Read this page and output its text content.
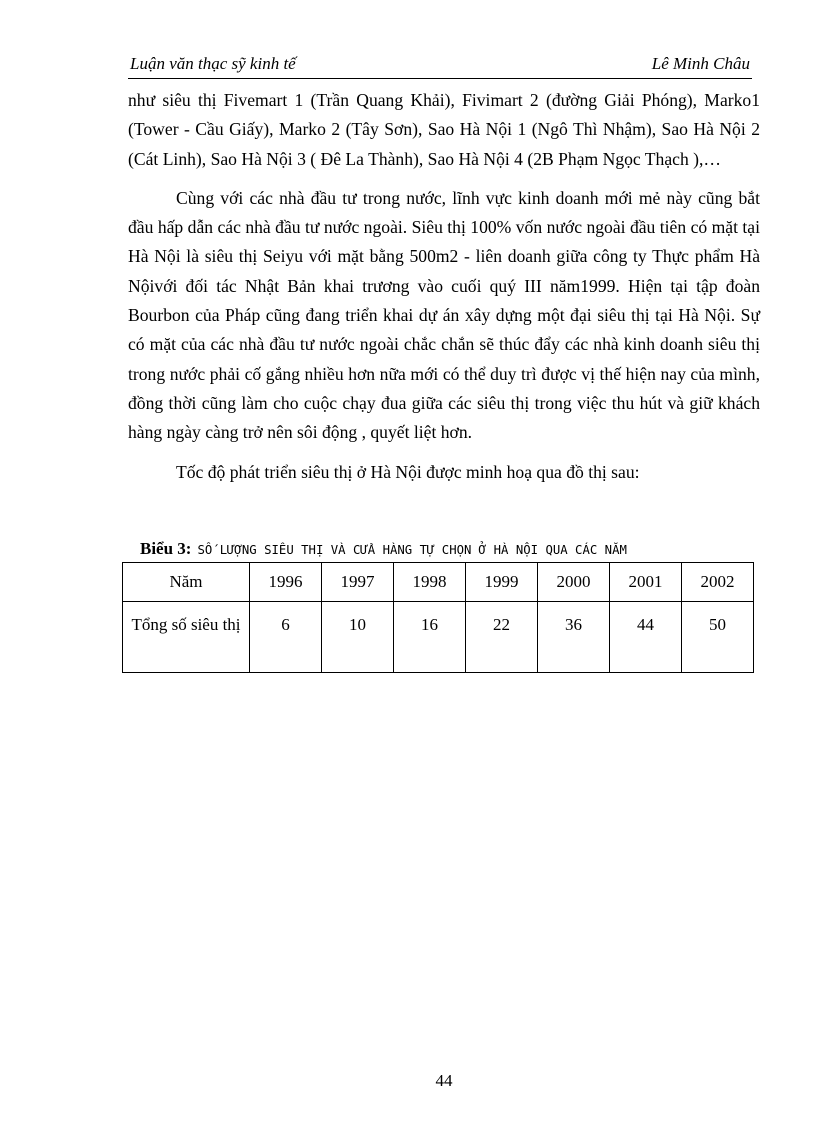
Luận văn thạc sỹ kinh tế	Lê Minh Châu

như siêu thị Fivemart 1 (Trần Quang Khải), Fivimart 2 (đường Giải Phóng), Marko1 (Tower - Cầu Giấy), Marko 2 (Tây Sơn), Sao Hà Nội 1 (Ngô Thì Nhậm), Sao Hà Nội 2 (Cát Linh), Sao Hà Nội 3 ( Đê La Thành), Sao Hà Nội 4 (2B Phạm Ngọc Thạch ),…

Cùng với các nhà đầu tư trong nước, lĩnh vực kinh doanh mới mẻ này cũng bắt đầu hấp dẫn các nhà đầu tư nước ngoài. Siêu thị 100% vốn nước ngoài đầu tiên có mặt tại Hà Nội là siêu thị Seiyu với mặt bằng 500m2 - liên doanh giữa công ty Thực phẩm Hà Nộivới đối tác Nhật Bản khai trương vào cuối quý III năm1999. Hiện tại tập đoàn Bourbon của Pháp cũng đang triển khai dự án xây dựng một đại siêu thị tại Hà Nội. Sự có mặt của các nhà đầu tư nước ngoài chắc chắn sẽ thúc đẩy các nhà kinh doanh siêu thị trong nước phải cố gắng nhiều hơn nữa mới có thể duy trì được vị thế hiện nay của mình, đồng thời cũng làm cho cuộc chạy đua giữa các siêu thị trong việc thu hút và giữ khách hàng ngày càng trở nên sôi động , quyết liệt hơn.

Tốc độ phát triển siêu thị ở Hà Nội được minh hoạ qua đồ thị sau:

Biểu 3: SỐ LƯỢNG SIÊU THỊ VÀ CỬA HÀNG TỰ CHỌN Ở HÀ NỘI QUA CÁC NĂM
Năm	1996	1997	1998	1999	2000	2001	2002
Tổng số siêu thị	6	10	16	22	36	44	50
44
